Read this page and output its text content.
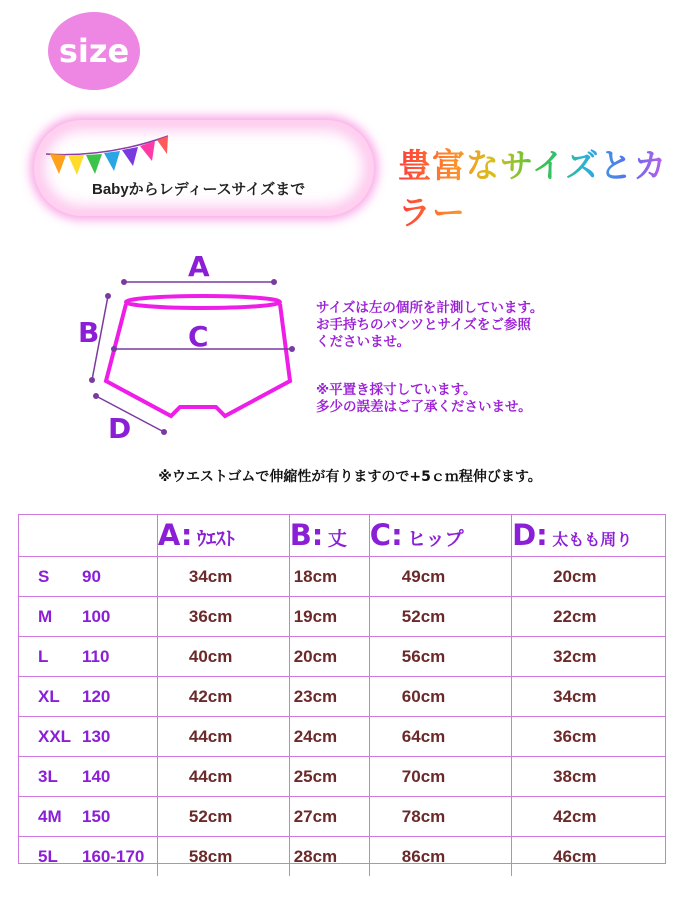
size
Babyからレディースサイズまで
豊富なサイズとカラー
A
B	C
D
サイズは左の個所を計測しています。
お手持ちのパンツとサイズをご参照
くださいませ。
※平置き採寸しています。
多少の誤差はご了承くださいませ。
※ウエストゴムで伸縮性が有りますので+5ｃｍ程伸びます。
	A: ｳｴｽﾄ	B: 丈	C: ヒップ	D: 太もも周り
S 90	34cm	18cm	49cm	20cm
M 100	36cm	19cm	52cm	22cm
L 110	40cm	20cm	56cm	32cm
XL 120	42cm	23cm	60cm	34cm
XXL 130	44cm	24cm	64cm	36cm
3L 140	44cm	25cm	70cm	38cm
4M 150	52cm	27cm	78cm	42cm
5L 160-170	58cm	28cm	86cm	46cm
